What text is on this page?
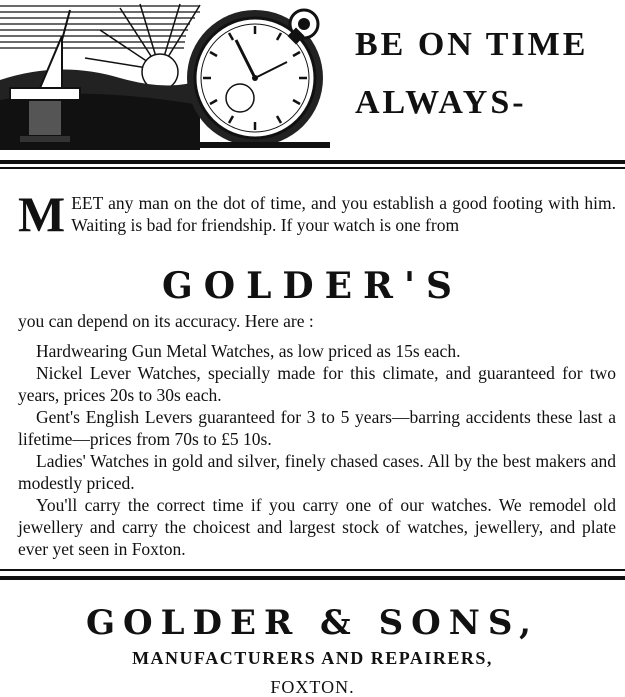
BE ON TIME
ALWAYS-
MEET any man on the dot of time, and you establish a good footing with him. Waiting is bad for friendship. If your watch is one from
GOLDER'S
you can depend on its accuracy. Here are :

Hardwearing Gun Metal Watches, as low priced as 15s each.

Nickel Lever Watches, specially made for this climate, and guaranteed for two years, prices 20s to 30s each.

Gent's English Levers guaranteed for 3 to 5 years—barring accidents these last a lifetime—prices from 70s to £5 10s.

Ladies' Watches in gold and silver, finely chased cases. All by the best makers and modestly priced.

You'll carry the correct time if you carry one of our watches. We remodel old jewellery and carry the choicest and largest stock of watches, jewellery, and plate ever yet seen in Foxton.

GOLDER & SONS,
MANUFACTURERS AND REPAIRERS,
FOXTON.
